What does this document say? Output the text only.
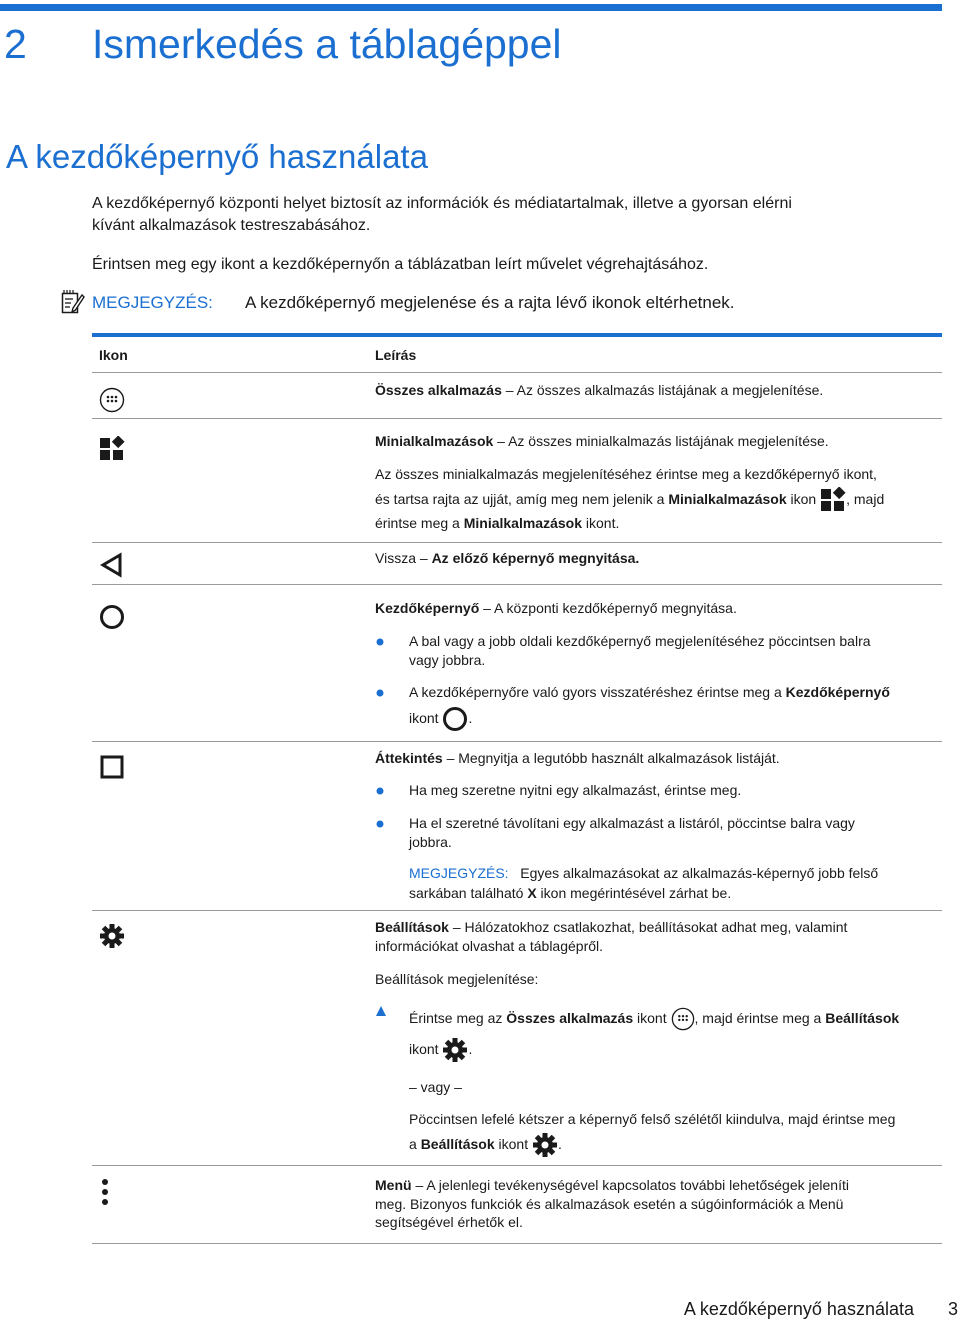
2 Ismerkedés a táblagéppel
A kezdőképernyő használata
A kezdőképernyő központi helyet biztosít az információk és médiatartalmak, illetve a gyorsan elérni
kívánt alkalmazások testreszabásához.
Érintsen meg egy ikont a kezdőképernyőn a táblázatban leírt művelet végrehajtásához.
MEGJEGYZÉS: A kezdőképernyő megjelenése és a rajta lévő ikonok eltérhetnek.
Ikon	Leírás
Összes alkalmazás – Az összes alkalmazás listájának a megjelenítése.
Minialkalmazások – Az összes minialkalmazás listájának megjelenítése.
Az összes minialkalmazás megjelenítéséhez érintse meg a kezdőképernyő ikont,
és tartsa rajta az ujját, amíg meg nem jelenik a Minialkalmazások ikon , majd
érintse meg a Minialkalmazások ikont.
Vissza – Az előző képernyő megnyitása.
Kezdőképernyő – A központi kezdőképernyő megnyitása.
A bal vagy a jobb oldali kezdőképernyő megjelenítéséhez pöccintsen balra
vagy jobbra.
A kezdőképernyőre való gyors visszatéréshez érintse meg a Kezdőképernyő
ikont .
Áttekintés – Megnyitja a legutóbb használt alkalmazások listáját.
Ha meg szeretne nyitni egy alkalmazást, érintse meg.
Ha el szeretné távolítani egy alkalmazást a listáról, pöccintse balra vagy
jobbra.
MEGJEGYZÉS: Egyes alkalmazásokat az alkalmazás-képernyő jobb felső
sarkában található X ikon megérintésével zárhat be.
Beállítások – Hálózatokhoz csatlakozhat, beállításokat adhat meg, valamint
információkat olvashat a táblagépről.
Beállítások megjelenítése:
Érintse meg az Összes alkalmazás ikont , majd érintse meg a Beállítások
ikont .
– vagy –
Pöccintsen lefelé kétszer a képernyő felső szélétől kiindulva, majd érintse meg
a Beállítások ikont .
Menü – A jelenlegi tevékenységével kapcsolatos további lehetőségek jeleníti
meg. Bizonyos funkciók és alkalmazások esetén a súgóinformációk a Menü
segítségével érhetők el.
A kezdőképernyő használata 3
